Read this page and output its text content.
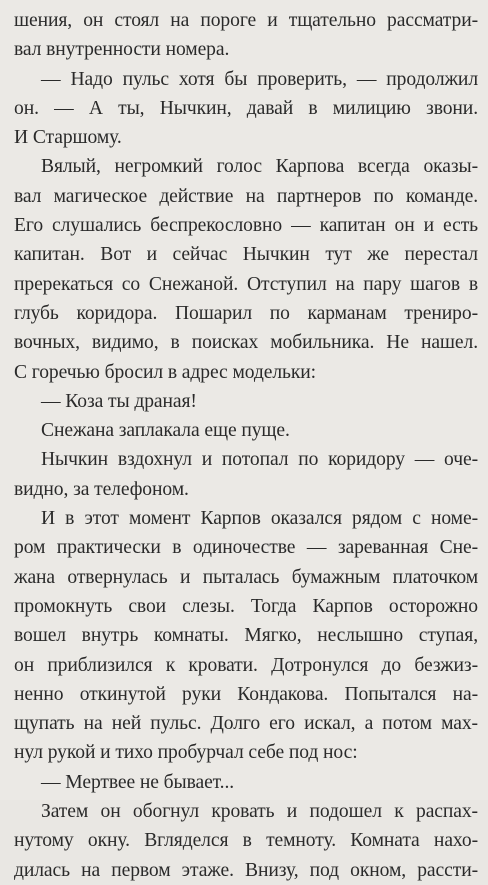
шения, он стоял на пороге и тщательно рассматри-
вал внутренности номера.
— Надо пульс хотя бы проверить, — продолжил
он. — А ты, Нычкин, давай в милицию звони.
И Старшому.
Вялый, негромкий голос Карпова всегда оказы-
вал магическое действие на партнеров по команде.
Его слушались беспрекословно — капитан он и есть
капитан. Вот и сейчас Нычкин тут же перестал
пререкаться со Снежаной. Отступил на пару шагов в
глубь коридора. Пошарил по карманам трениро-
вочных, видимо, в поисках мобильника. Не нашел.
С горечью бросил в адрес модельки:
— Коза ты драная!
Снежана заплакала еще пуще.
Нычкин вздохнул и потопал по коридору — оче-
видно, за телефоном.
И в этот момент Карпов оказался рядом с номе-
ром практически в одиночестве — зареванная Сне-
жана отвернулась и пыталась бумажным платочком
промокнуть свои слезы. Тогда Карпов осторожно
вошел внутрь комнаты. Мягко, неслышно ступая,
он приблизился к кровати. Дотронулся до безжиз-
ненно откинутой руки Кондакова. Попытался на-
щупать на ней пульс. Долго его искал, а потом мах-
нул рукой и тихо пробурчал себе под нос:
— Мертвее не бывает...
Затем он обогнул кровать и подошел к распах-
нутому окну. Вгляделся в темноту. Комната нахо-
дилась на первом этаже. Внизу, под окном, рассти-
